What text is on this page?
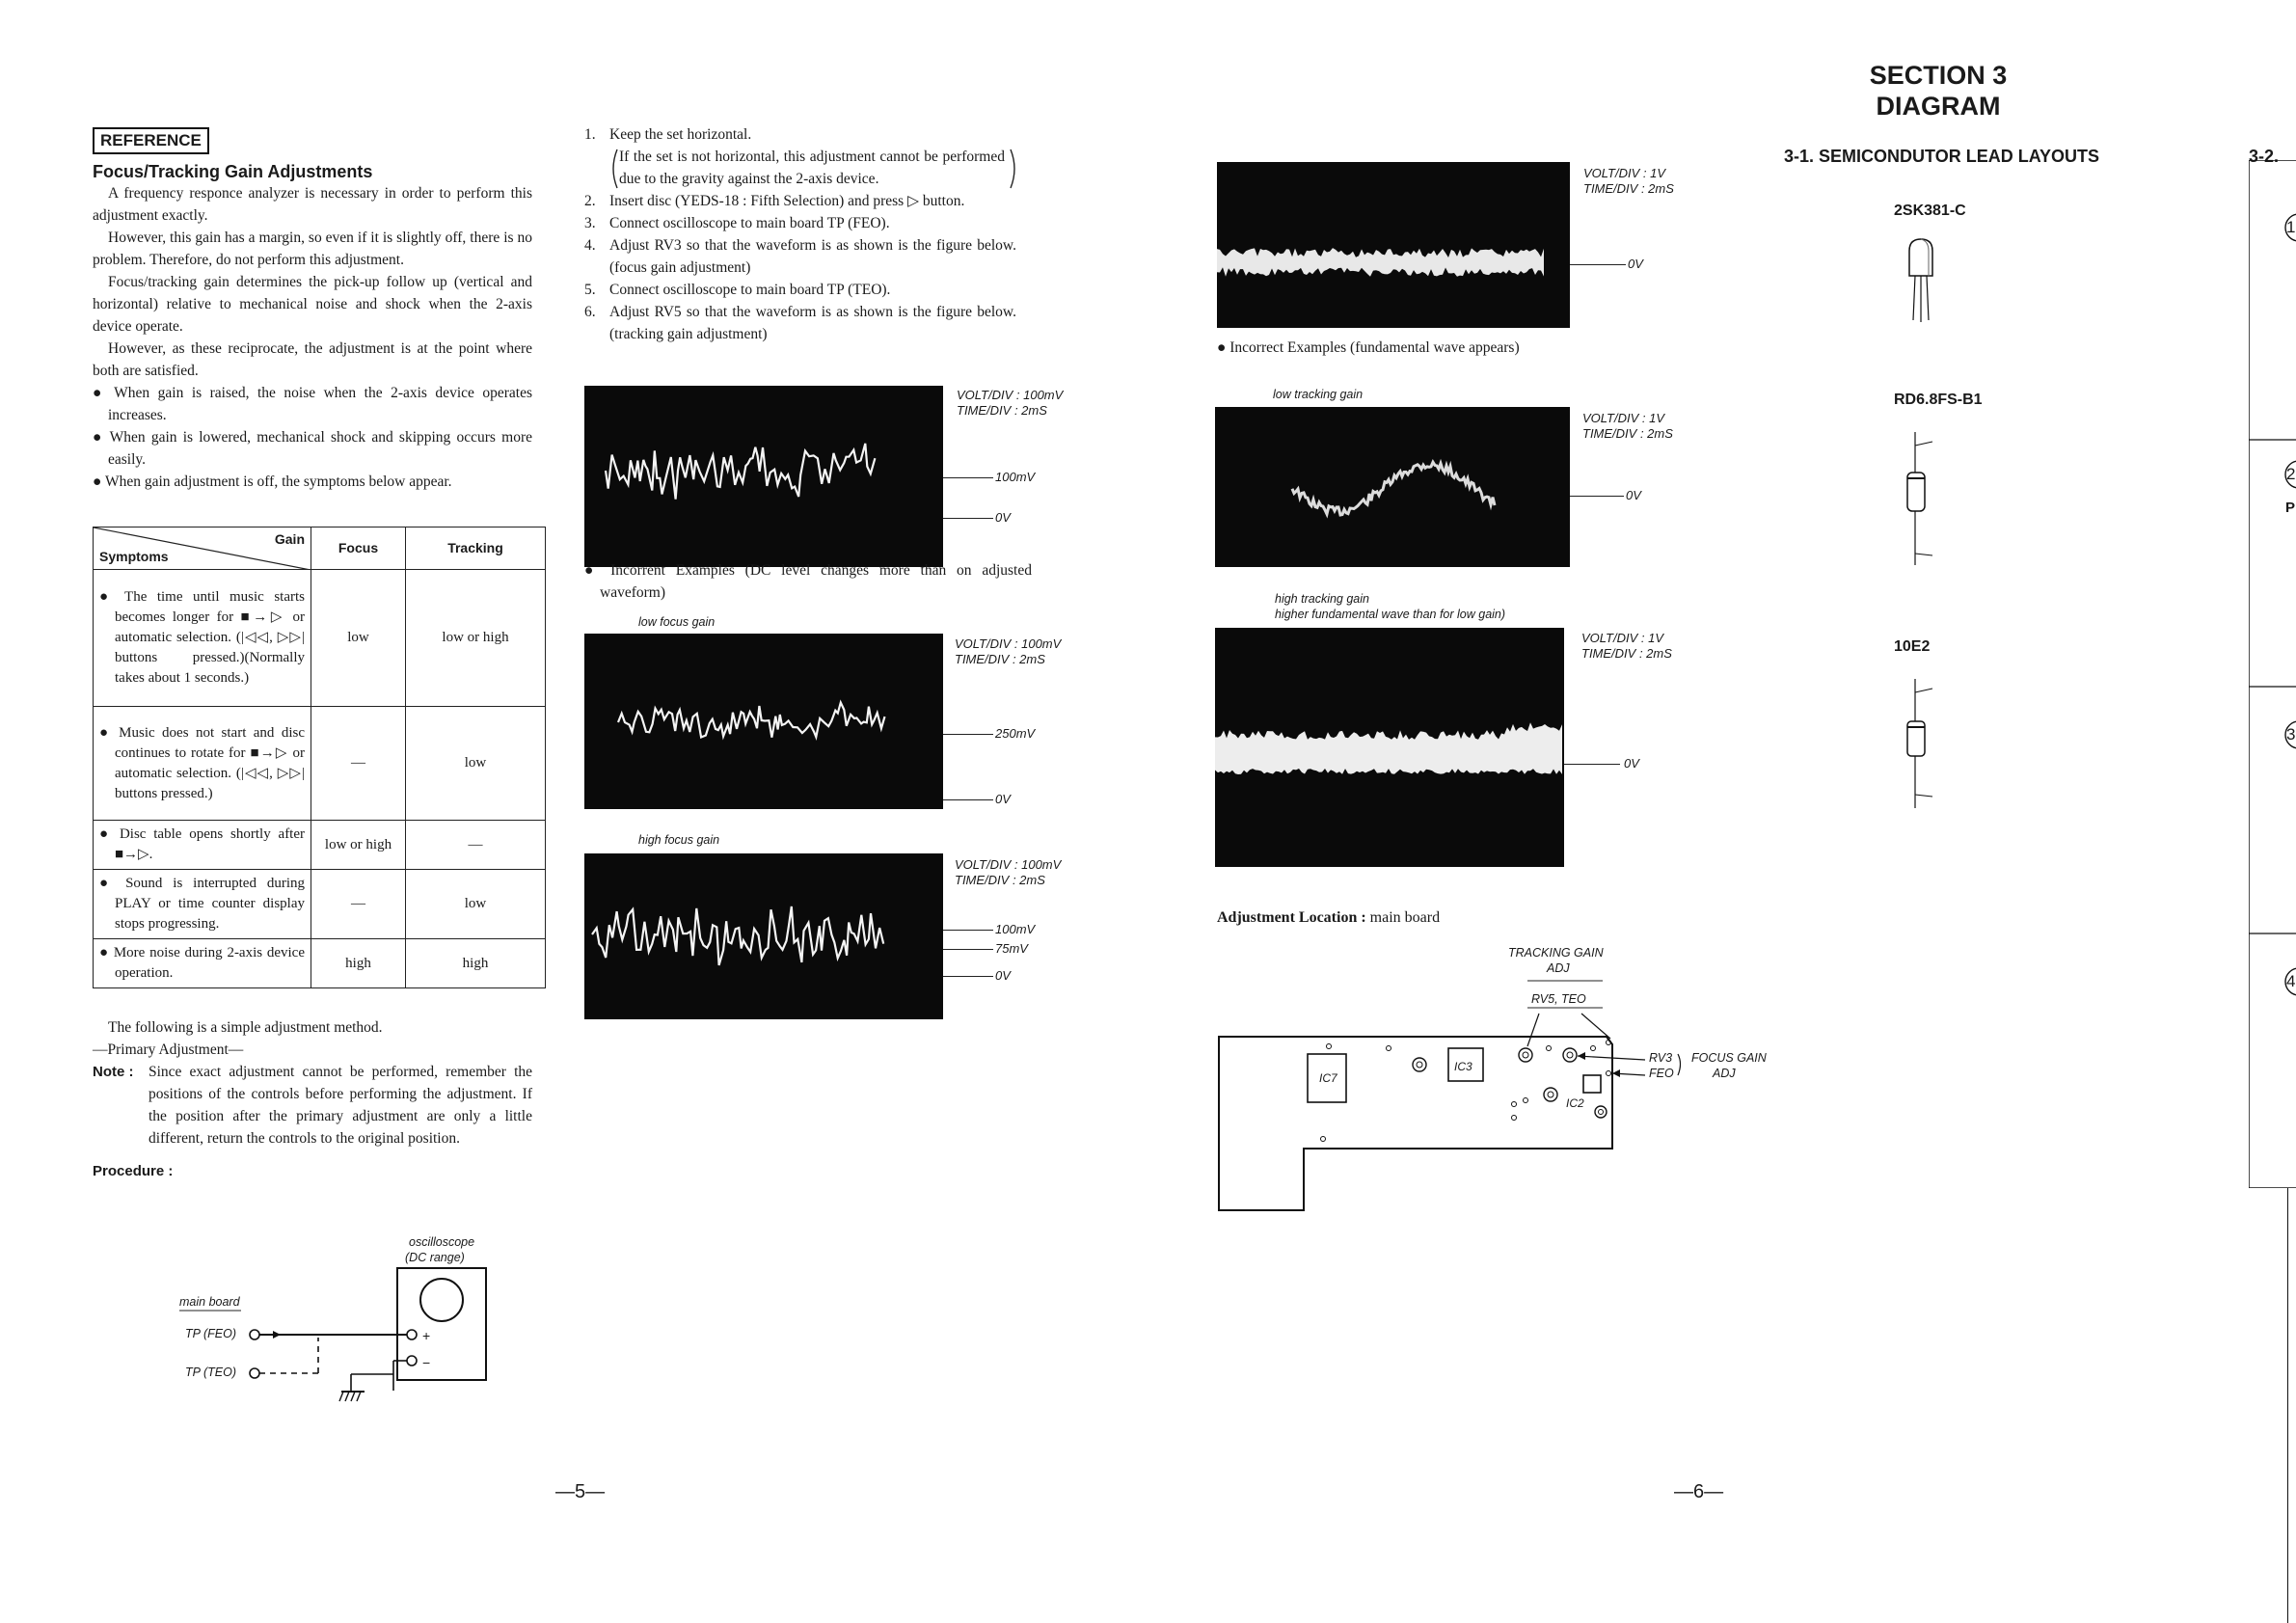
REFERENCE
Focus/Tracking Gain Adjustments
A frequency responce analyzer is necessary in order to perform this adjustment exactly.
However, this gain has a margin, so even if it is slightly off, there is no problem. Therefore, do not perform this adjustment.
Focus/tracking gain determines the pick-up follow up (vertical and horizontal) relative to mechanical noise and shock when the 2-axis device operate.
However, as these reciprocate, the adjustment is at the point where both are satisfied.
● When gain is raised, the noise when the 2-axis device operates increases.
● When gain is lowered, mechanical shock and skipping occurs more easily.
● When gain adjustment is off, the symptoms below appear.
Gain
Symptoms	Focus	Tracking

● The time until music starts becomes longer for ■→▷ or automatic selection. (|◁◁, ▷▷| buttons pressed.)(Normally takes about 1 seconds.)	low	low or high

● Music does not start and disc continues to rotate for ■→▷ or automatic selection. (|◁◁, ▷▷| buttons pressed.)	—	low

● Disc table opens shortly after ■→▷.	low or high	—

● Sound is interrupted during PLAY or time counter display stops progressing.	—	low

● More noise during 2-axis device operation.	high	high
The following is a simple adjustment method.
—Primary Adjustment—
Note :	Since exact adjustment cannot be performed, remember the positions of the controls before performing the adjustment. If the position after the primary adjustment are only a little different, return the controls to the original position.
Procedure :
oscilloscope
(DC range)
main board
TP (FEO)
TP (TEO)
+
−
—5—
1. Keep the set horizontal.
If the set is not horizontal, this adjustment cannot be performed due to the gravity against the 2-axis device.
2. Insert disc (YEDS-18 : Fifth Selection) and press ▷ button.
3. Connect oscilloscope to main board TP (FEO).
4. Adjust RV3 so that the waveform is as shown is the figure below. (focus gain adjustment)
5. Connect oscilloscope to main board TP (TEO).
6. Adjust RV5 so that the waveform is as shown is the figure below. (tracking gain adjustment)
VOLT/DIV : 100mV
TIME/DIV : 2mS
100mV
0V
● Incorrent Examples (DC level changes more than on adjusted waveform)
low focus gain
VOLT/DIV : 100mV
TIME/DIV : 2mS
250mV
0V
high focus gain
VOLT/DIV : 100mV
TIME/DIV : 2mS
100mV
75mV
0V
VOLT/DIV : 1V
TIME/DIV : 2mS
0V
● Incorrect Examples (fundamental wave appears)
low tracking gain
VOLT/DIV : 1V
TIME/DIV : 2mS
0V
high tracking gain
higher fundamental wave than for low gain)
VOLT/DIV : 1V
TIME/DIV : 2mS
0V
Adjustment Location : main board
TRACKING GAIN
ADJ
RV5, TEO
RV3
FEO
FOCUS GAIN
ADJ
IC7
IC3
IC2
—6—
SECTION 3
DIAGRAM
3-1. SEMICONDUTOR LEAD LAYOUTS	3-2.
2SK381-C
RD6.8FS-B1
10E2
1
2
P
3
4
